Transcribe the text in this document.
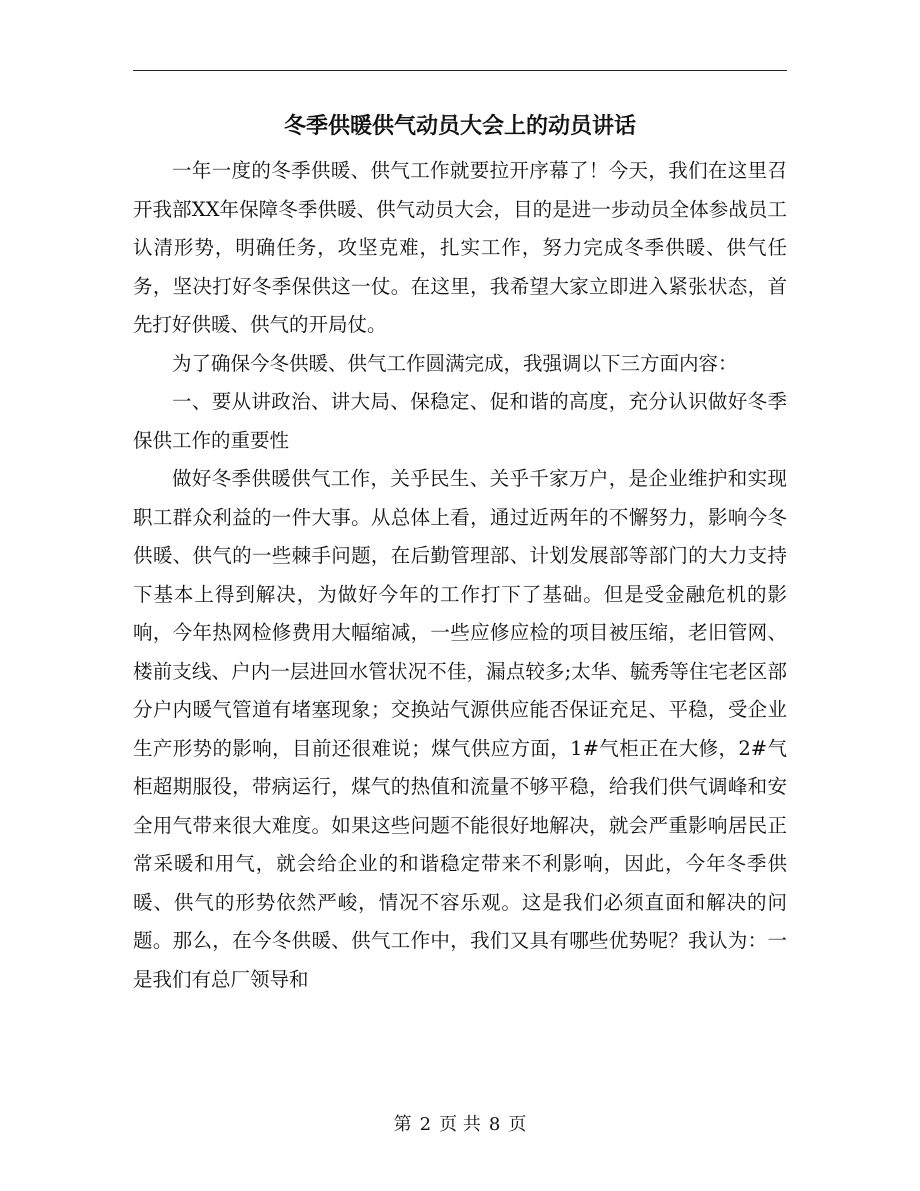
冬季供暖供气动员大会上的动员讲话

一年一度的冬季供暖、供气工作就要拉开序幕了！今天，我们在这里召开我部XX年保障冬季供暖、供气动员大会，目的是进一步动员全体参战员工认清形势，明确任务，攻坚克难，扎实工作，努力完成冬季供暖、供气任务，坚决打好冬季保供这一仗。在这里，我希望大家立即进入紧张状态，首先打好供暖、供气的开局仗。

为了确保今冬供暖、供气工作圆满完成，我强调以下三方面内容：

一、要从讲政治、讲大局、保稳定、促和谐的高度，充分认识做好冬季保供工作的重要性

做好冬季供暖供气工作，关乎民生、关乎千家万户，是企业维护和实现职工群众利益的一件大事。从总体上看，通过近两年的不懈努力，影响今冬供暖、供气的一些棘手问题，在后勤管理部、计划发展部等部门的大力支持下基本上得到解决，为做好今年的工作打下了基础。但是受金融危机的影响，今年热网检修费用大幅缩减，一些应修应检的项目被压缩，老旧管网、楼前支线、户内一层进回水管状况不佳，漏点较多;太华、毓秀等住宅老区部分户内暖气管道有堵塞现象；交换站气源供应能否保证充足、平稳，受企业生产形势的影响，目前还很难说；煤气供应方面，1#气柜正在大修，2#气柜超期服役，带病运行，煤气的热值和流量不够平稳，给我们供气调峰和安全用气带来很大难度。如果这些问题不能很好地解决，就会严重影响居民正常采暖和用气，就会给企业的和谐稳定带来不利影响，因此，今年冬季供暖、供气的形势依然严峻，情况不容乐观。这是我们必须直面和解决的问题。那么，在今冬供暖、供气工作中，我们又具有哪些优势呢？我认为：一是我们有总厂领导和

第 2 页 共 8 页
